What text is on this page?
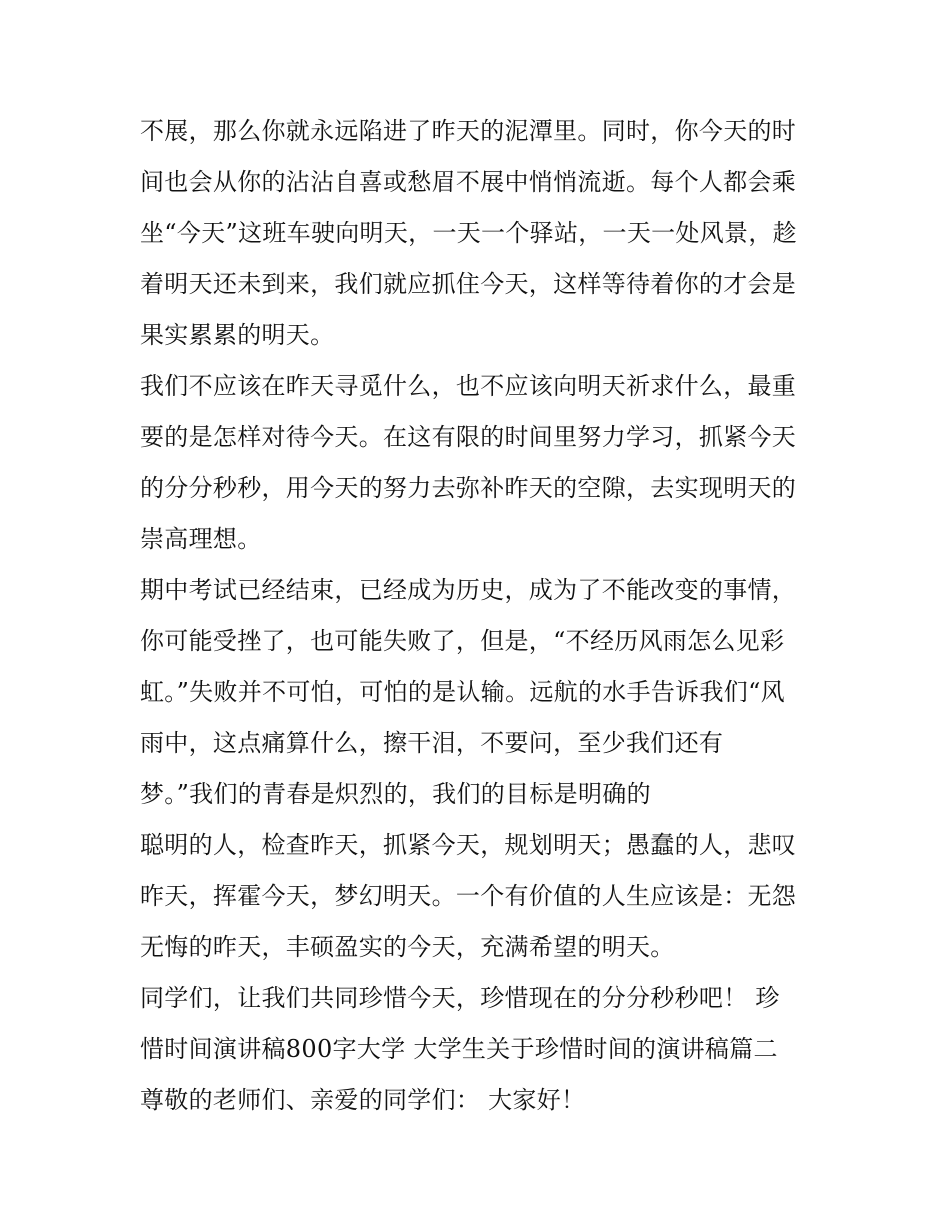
不展，那么你就永远陷进了昨天的泥潭里。同时，你今天的时
间也会从你的沾沾自喜或愁眉不展中悄悄流逝。每个人都会乘
坐“今天”这班车驶向明天，一天一个驿站，一天一处风景，趁
着明天还未到来，我们就应抓住今天，这样等待着你的才会是
果实累累的明天。
我们不应该在昨天寻觅什么，也不应该向明天祈求什么，最重
要的是怎样对待今天。在这有限的时间里努力学习，抓紧今天
的分分秒秒，用今天的努力去弥补昨天的空隙，去实现明天的
崇高理想。
期中考试已经结束，已经成为历史，成为了不能改变的事情，
你可能受挫了，也可能失败了，但是，“不经历风雨怎么见彩
虹。”失败并不可怕，可怕的是认输。远航的水手告诉我们“风
雨中，这点痛算什么，擦干泪，不要问，至少我们还有
梦。”我们的青春是炽烈的，我们的目标是明确的
聪明的人，检查昨天，抓紧今天，规划明天；愚蠢的人，悲叹
昨天，挥霍今天，梦幻明天。一个有价值的人生应该是：无怨
无悔的昨天，丰硕盈实的今天，充满希望的明天。
同学们，让我们共同珍惜今天，珍惜现在的分分秒秒吧！ 珍
惜时间演讲稿800字大学 大学生关于珍惜时间的演讲稿篇二
尊敬的老师们、亲爱的同学们： 大家好！
